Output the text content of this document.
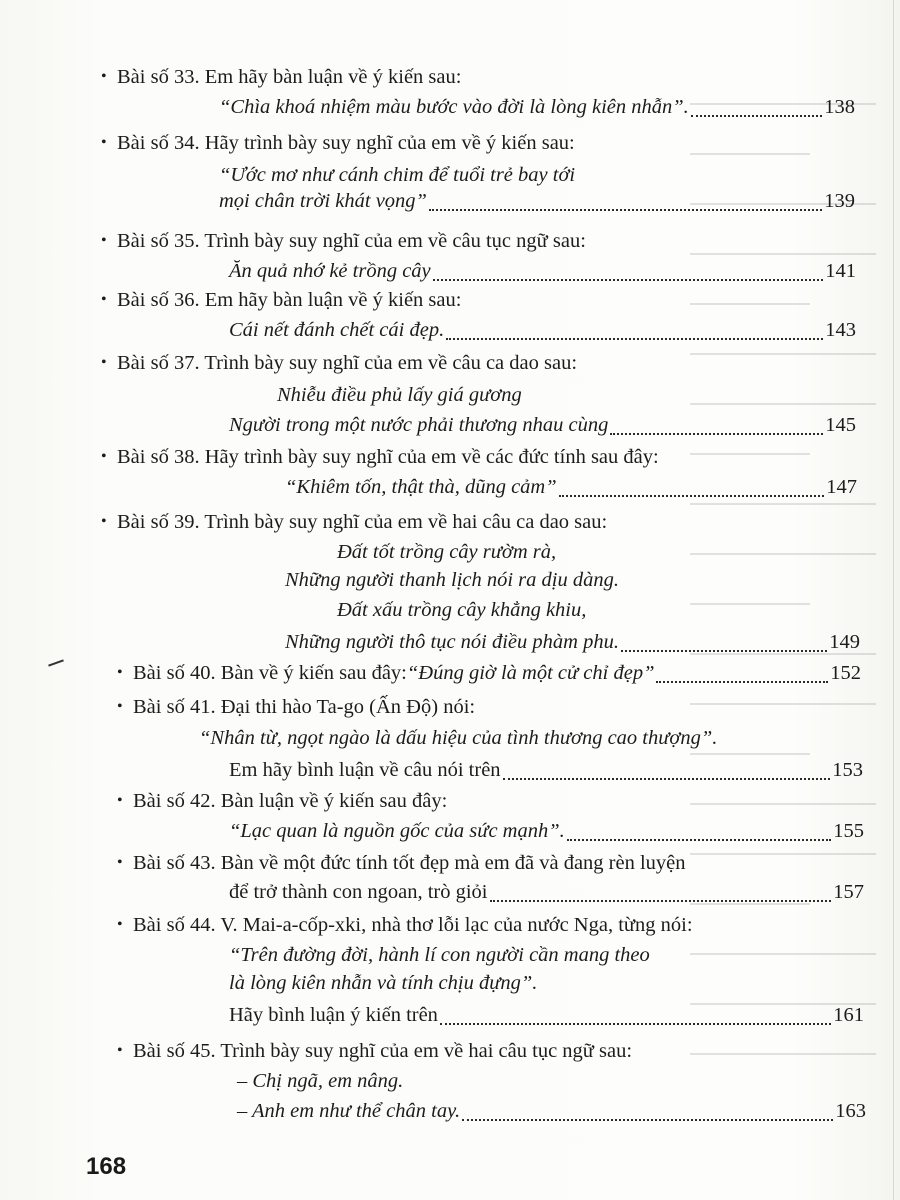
• Bài số 33. Em hãy bàn luận về ý kiến sau:
“Chìa khoá nhiệm màu bước vào đời là lòng kiên nhẫn”.	138
• Bài số 34. Hãy trình bày suy nghĩ của em về ý kiến sau:
“Ước mơ như cánh chim để tuổi trẻ bay tới
mọi chân trời khát vọng”	139
• Bài số 35. Trình bày suy nghĩ của em về câu tục ngữ sau:
Ăn quả nhớ kẻ trồng cây	141
• Bài số 36. Em hãy bàn luận về ý kiến sau:
Cái nết đánh chết cái đẹp.	143
• Bài số 37. Trình bày suy nghĩ của em về câu ca dao sau:
Nhiễu điều phủ lấy giá gương
Người trong một nước phải thương nhau cùng	145
• Bài số 38. Hãy trình bày suy nghĩ của em về các đức tính sau đây:
“Khiêm tốn, thật thà, dũng cảm”	147
• Bài số 39. Trình bày suy nghĩ của em về hai câu ca dao sau:
Đất tốt trồng cây rườm rà,
Những người thanh lịch nói ra dịu dàng.
Đất xấu trồng cây khẳng khiu,
Những người thô tục nói điều phàm phu.	149
• Bài số 40. Bàn về ý kiến sau đây: “Đúng giờ là một cử chỉ đẹp”	152
• Bài số 41. Đại thi hào Ta-go (Ấn Độ) nói:
“Nhân từ, ngọt ngào là dấu hiệu của tình thương cao thượng”.
Em hãy bình luận về câu nói trên	153
• Bài số 42. Bàn luận về ý kiến sau đây:
“Lạc quan là nguồn gốc của sức mạnh”.	155
• Bài số 43. Bàn về một đức tính tốt đẹp mà em đã và đang rèn luyện
để trở thành con ngoan, trò giỏi	157
• Bài số 44. V. Mai-a-cốp-xki, nhà thơ lỗi lạc của nước Nga, từng nói:
“Trên đường đời, hành lí con người cần mang theo
là lòng kiên nhẫn và tính chịu đựng”.
Hãy bình luận ý kiến trên	161
• Bài số 45. Trình bày suy nghĩ của em về hai câu tục ngữ sau:
– Chị ngã, em nâng.
– Anh em như thể chân tay.	163
168
